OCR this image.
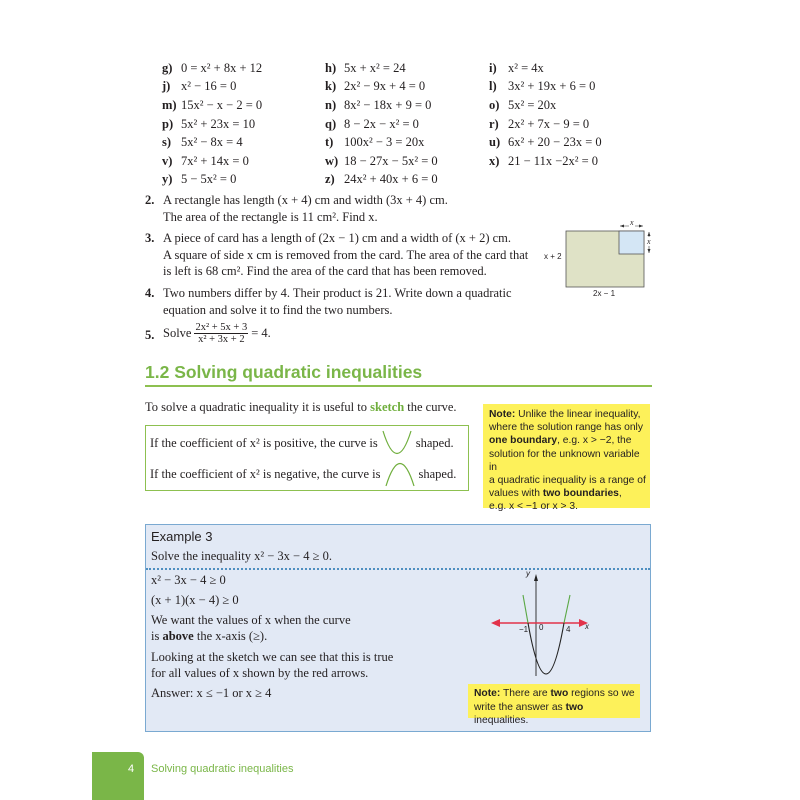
g) 0 = x² + 8x + 12	h) 5x + x² = 24	i) x² = 4x
j) x² − 16 = 0	k) 2x² − 9x + 4 = 0	l) 3x² + 19x + 6 = 0
m) 15x² − x − 2 = 0	n) 8x² − 18x + 9 = 0	o) 5x² = 20x
p) 5x² + 23x = 10	q) 8 − 2x − x² = 0	r) 2x² + 7x − 9 = 0
s) 5x² − 8x = 4	t) 100x² − 3 = 20x	u) 6x² + 20 − 23x = 0
v) 7x² + 14x = 0	w) 18 − 27x − 5x² = 0	x) 21 − 11x −2x² = 0
y) 5 − 5x² = 0	z) 24x² + 40x + 6 = 0
2. A rectangle has length (x + 4) cm and width (3x + 4) cm.
The area of the rectangle is 11 cm². Find x.
3. A piece of card has a length of (2x − 1) cm and a width of (x + 2) cm.
A square of side x cm is removed from the card. The area of the card that
is left is 68 cm². Find the area of the card that has been removed.
x
x
x + 2
2x − 1
4. Two numbers differ by 4. Their product is 21. Write down a quadratic
equation and solve it to find the two numbers.
5. Solve $\frac{\text{2x² + 5x + 3}}{\text{x² + 3x + 2}} = 4$.
1.2 Solving quadratic inequalities
To solve a quadratic inequality it is useful to sketch the curve.
If the coefficient of x² is positive, the curve is	shaped.
If the coefficient of x² is negative, the curve is	shaped.
Note: Unlike the linear inequality,
where the solution range has only
one boundary, e.g. x > −2, the
solution for the unknown variable in
a quadratic inequality is a range of
values with two boundaries,
e.g. x < −1 or x > 3.
Example 3
Solve the inequality x² − 3x − 4 ≥ 0.
x² − 3x − 4 ≥ 0
(x + 1)(x − 4) ≥ 0
We want the values of x when the curve
is above the x-axis (≥).
Looking at the sketch we can see that this is true
for all values of x shown by the red arrows.
Answer: x ≤ −1 or x ≥ 4
y
x
−1 0	4
Note: There are two regions so we
write the answer as two inequalities.
4 Solving quadratic inequalities
